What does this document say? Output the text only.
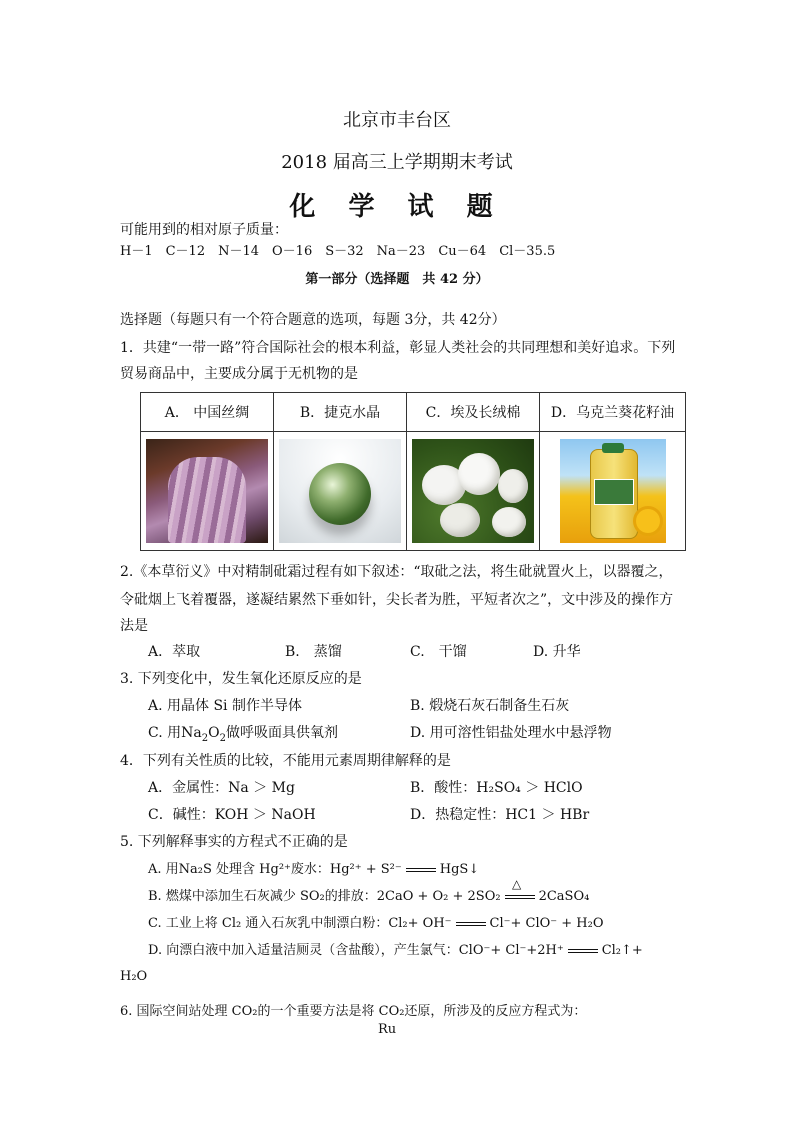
北京市丰台区
2018 届高三上学期期末考试
化 学 试 题
可能用到的相对原子质量：
H－1　C－12　N－14　O－16　S－32　Na－23　Cu－64　Cl－35.5
第一部分（选择题　共 42 分）
选择题（每题只有一个符合题意的选项，每题 3分，共 42分）
1．共建“一带一路”符合国际社会的根本利益，彰显人类社会的共同理想和美好追求。下列
贸易商品中，主要成分属于无机物的是
A． 中国丝绸	B．捷克水晶	C．埃及长绒棉	D．乌克兰葵花籽油

2.《本草衍义》中对精制砒霜过程有如下叙述：“取砒之法，将生砒就置火上，以器覆之，
令砒烟上飞着覆器，遂凝结累然下垂如针，尖长者为胜，平短者次之”，文中涉及的操作方
法是
A．萃取	B.　蒸馏	C.　干馏	D. 升华
3. 下列变化中，发生氧化还原反应的是
A. 用晶体 Si 制作半导体	B. 煅烧石灰石制备生石灰
C. 用$Na_2O_2$做呼吸面具供氧剂	D. 用可溶性铝盐处理水中悬浮物
4．下列有关性质的比较，不能用元素周期律解释的是
A．金属性：Na ＞ Mg	B．酸性：H₂SO₄ ＞ HClO
C．碱性：KOH ＞ NaOH	D．热稳定性：HC1 ＞ HBr
5. 下列解释事实的方程式不正确的是
A. 用Na₂S 处理含 Hg²⁺废水：Hg²⁺ + S²⁻	HgS↓
△
B. 燃煤中添加生石灰减少 SO₂的排放：2CaO + O₂ + 2SO₂	2CaSO₄
C. 工业上将 Cl₂ 通入石灰乳中制漂白粉：Cl₂+ OH⁻	Cl⁻+ ClO⁻ + H₂O
D. 向漂白液中加入适量洁厕灵（含盐酸），产生氯气：ClO⁻+ Cl⁻+2H⁺	Cl₂↑+
H₂O
6. 国际空间站处理 CO₂的一个重要方法是将 CO₂还原，所涉及的反应方程式为：
Ru
